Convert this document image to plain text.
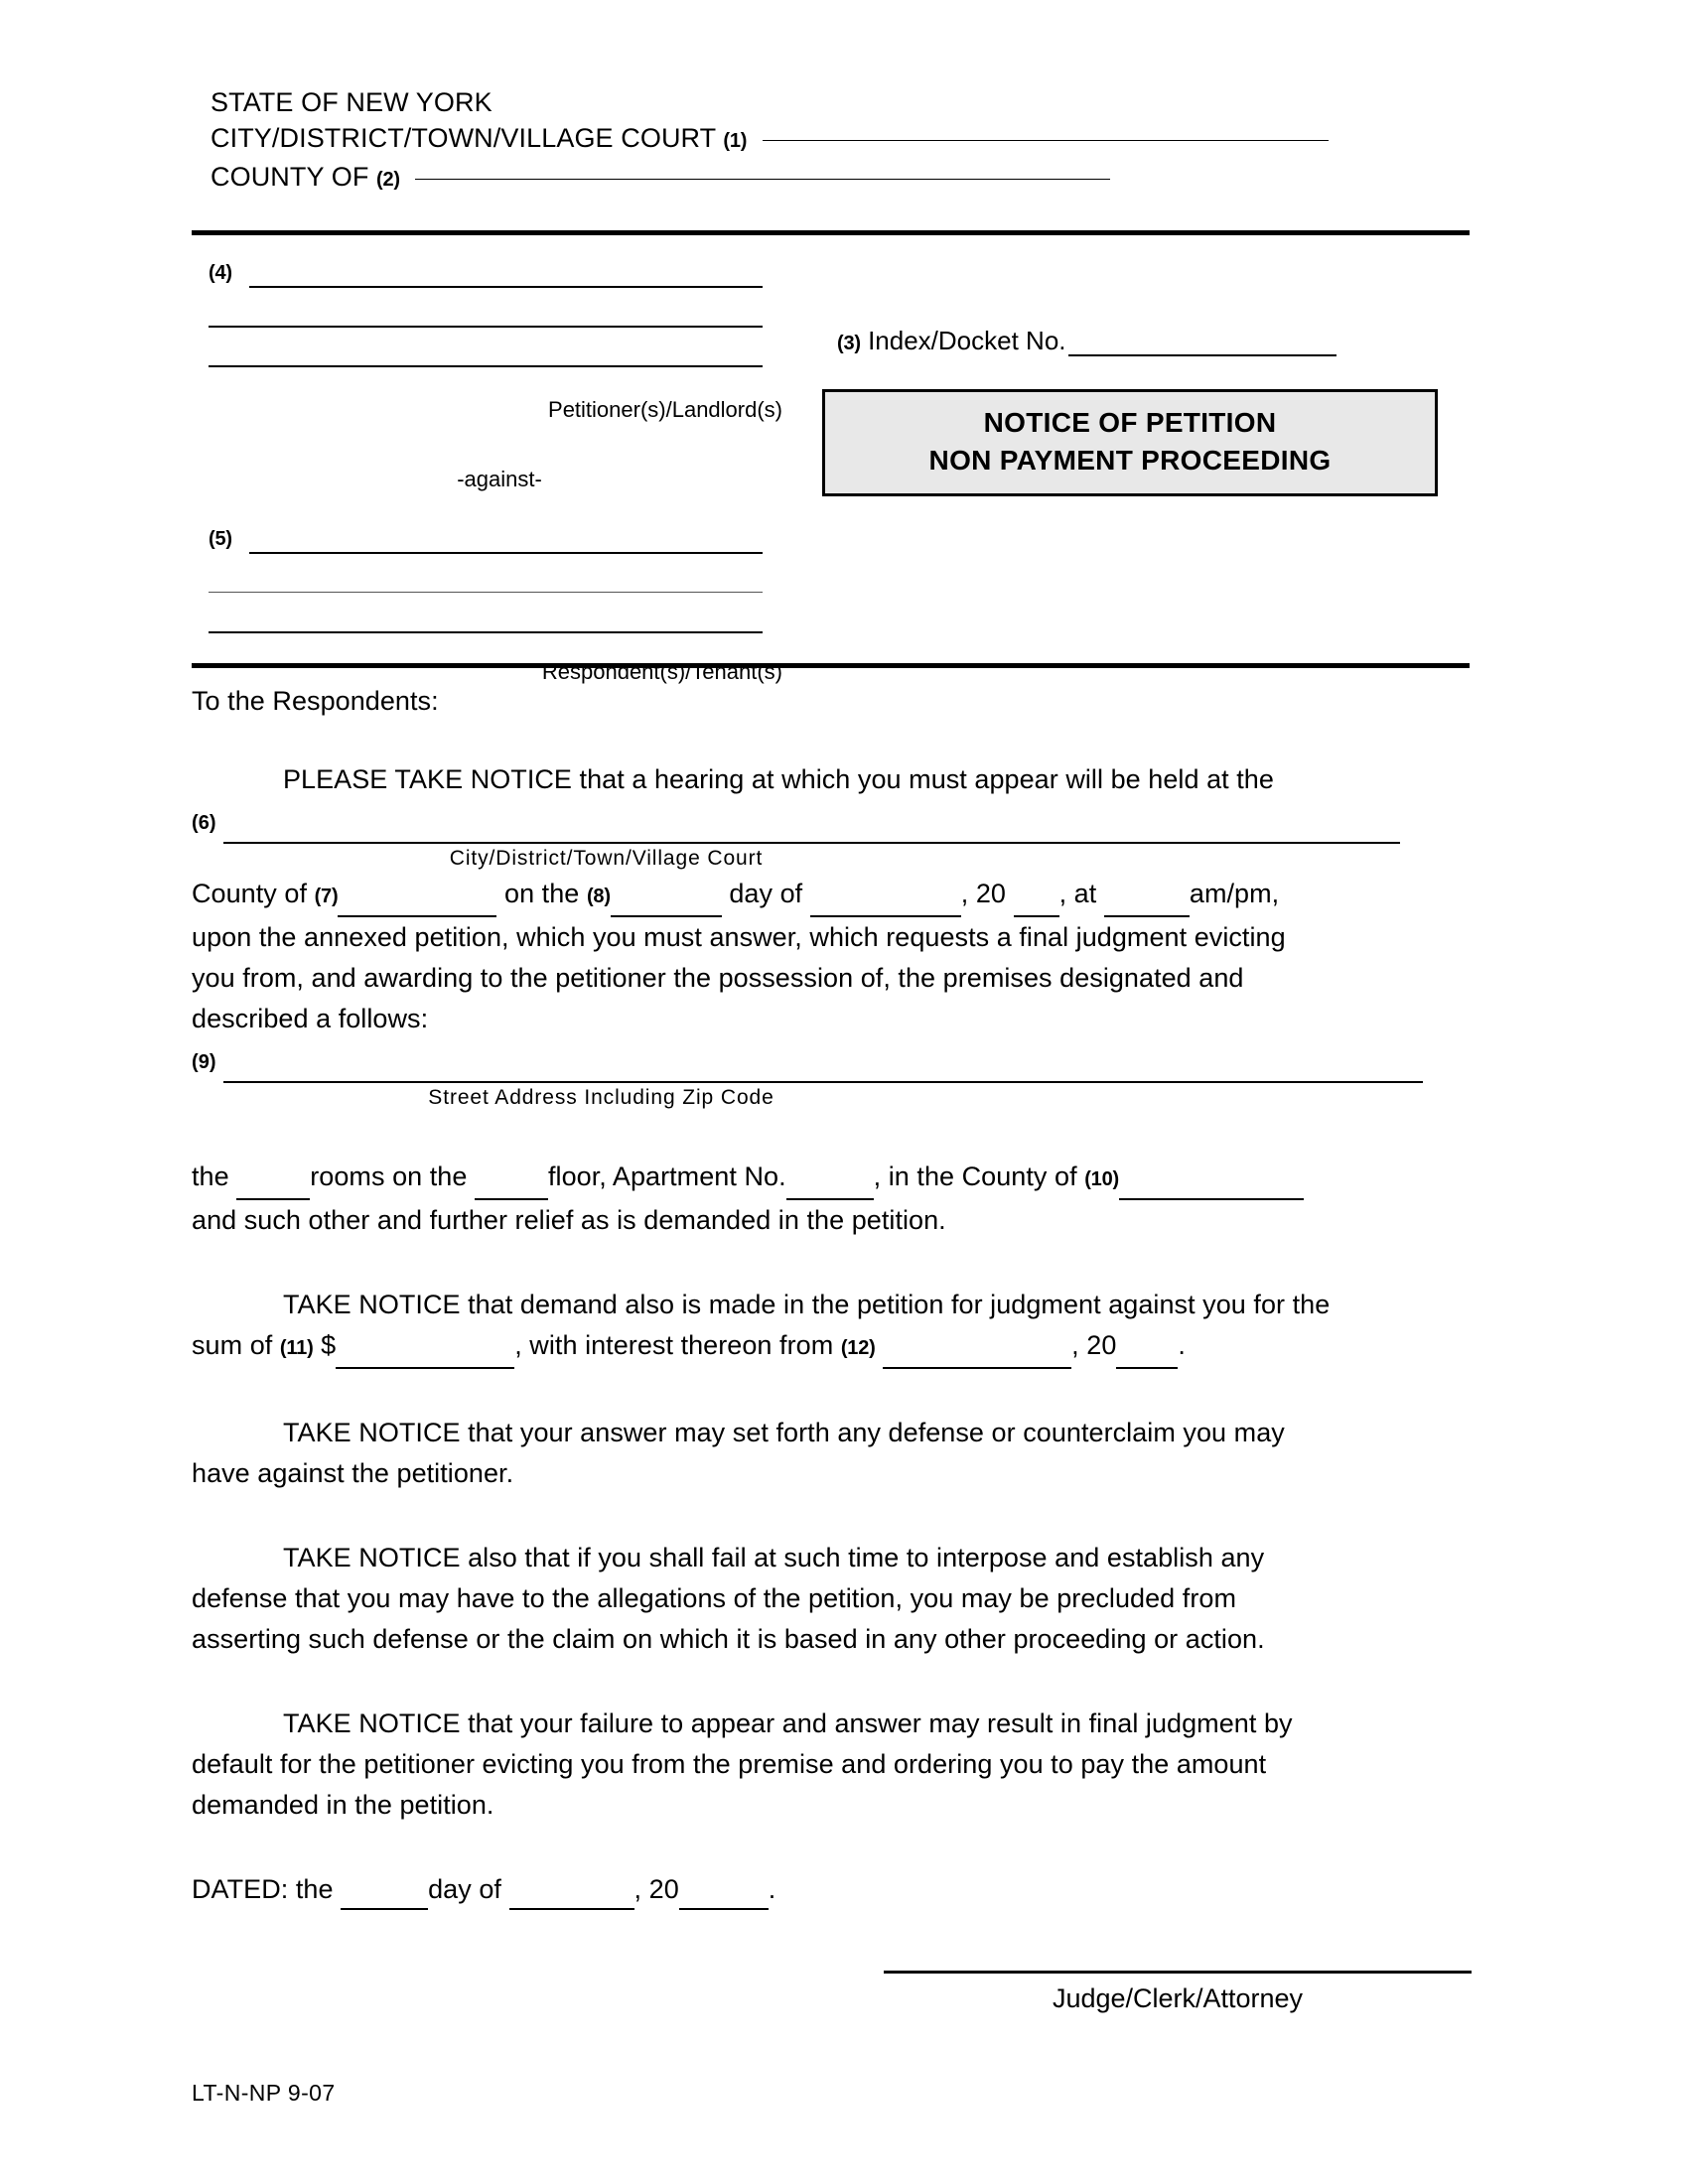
STATE OF NEW YORK
CITY/DISTRICT/TOWN/VILLAGE COURT (1)
COUNTY OF (2)
(4)
Petitioner(s)/Landlord(s)
-against-
(5)
Respondent(s)/Tenant(s)
(3) Index/Docket No.
NOTICE OF PETITION
NON PAYMENT PROCEEDING

To the Respondents:

PLEASE TAKE NOTICE that a hearing at which you must appear will be held at the

(6)

City/District/Town/Village Court

County of (7)	on the (8)	day of	, 20 , at	am/pm,

upon the annexed petition, which you must answer, which requests a final judgment evicting

you from, and awarding to the petitioner the possession of, the premises designated and

described a follows:

(9)

Street Address Including Zip Code

the	rooms on the	floor, Apartment No.	, in the County of (10)

and such other and further relief as is demanded in the petition.

TAKE NOTICE that demand also is made in the petition for judgment against you for the

sum of (11) $	, with interest thereon from (12)	, 20 .

TAKE NOTICE that your answer may set forth any defense or counterclaim you may

have against the petitioner.

TAKE NOTICE also that if you shall fail at such time to interpose and establish any

defense that you may have to the allegations of the petition, you may be precluded from

asserting such defense or the claim on which it is based in any other proceeding or action.

TAKE NOTICE that your failure to appear and answer may result in final judgment by

default for the petitioner evicting you from the premise and ordering you to pay the amount

demanded in the petition.

DATED: the	day of	, 20	.

Judge/Clerk/Attorney
LT-N-NP 9-07
